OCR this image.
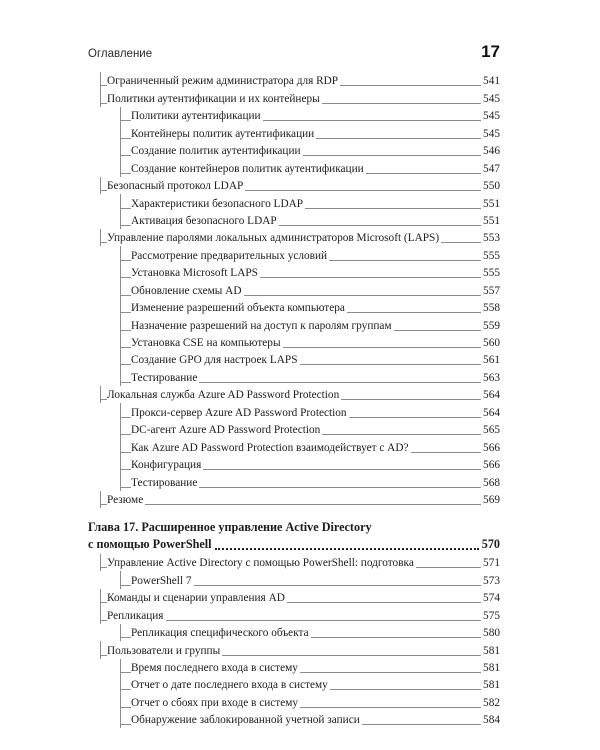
Оглавление	17
Ограниченный режим администратора для RDP	541
Политики аутентификации и их контейнеры	545
Политики аутентификации	545
Контейнеры политик аутентификации	545
Создание политик аутентификации	546
Создание контейнеров политик аутентификации	547
Безопасный протокол LDAP	550
Характеристики безопасного LDAP	551
Активация безопасного LDAP	551
Управление паролями локальных администраторов Microsoft (LAPS)	553
Рассмотрение предварительных условий	555
Установка Microsoft LAPS	555
Обновление схемы AD	557
Изменение разрешений объекта компьютера	558
Назначение разрешений на доступ к паролям группам	559
Установка CSE на компьютеры	560
Создание GPO для настроек LAPS	561
Тестирование	563
Локальная служба Azure AD Password Protection	564
Прокси-сервер Azure AD Password Protection	564
DC-агент Azure AD Password Protection	565
Как Azure AD Password Protection взаимодействует с AD?	566
Конфигурация	566
Тестирование	568
Резюме	569
Глава 17. Расширенное управление Active Directory
с помощью PowerShell	570
Управление Active Directory с помощью PowerShell: подготовка	571
PowerShell 7	573
Команды и сценарии управления AD	574
Репликация	575
Репликация специфического объекта	580
Пользователи и группы	581
Время последнего входа в систему	581
Отчет о дате последнего входа в систему	581
Отчет о сбоях при входе в систему	582
Обнаружение заблокированной учетной записи	584
